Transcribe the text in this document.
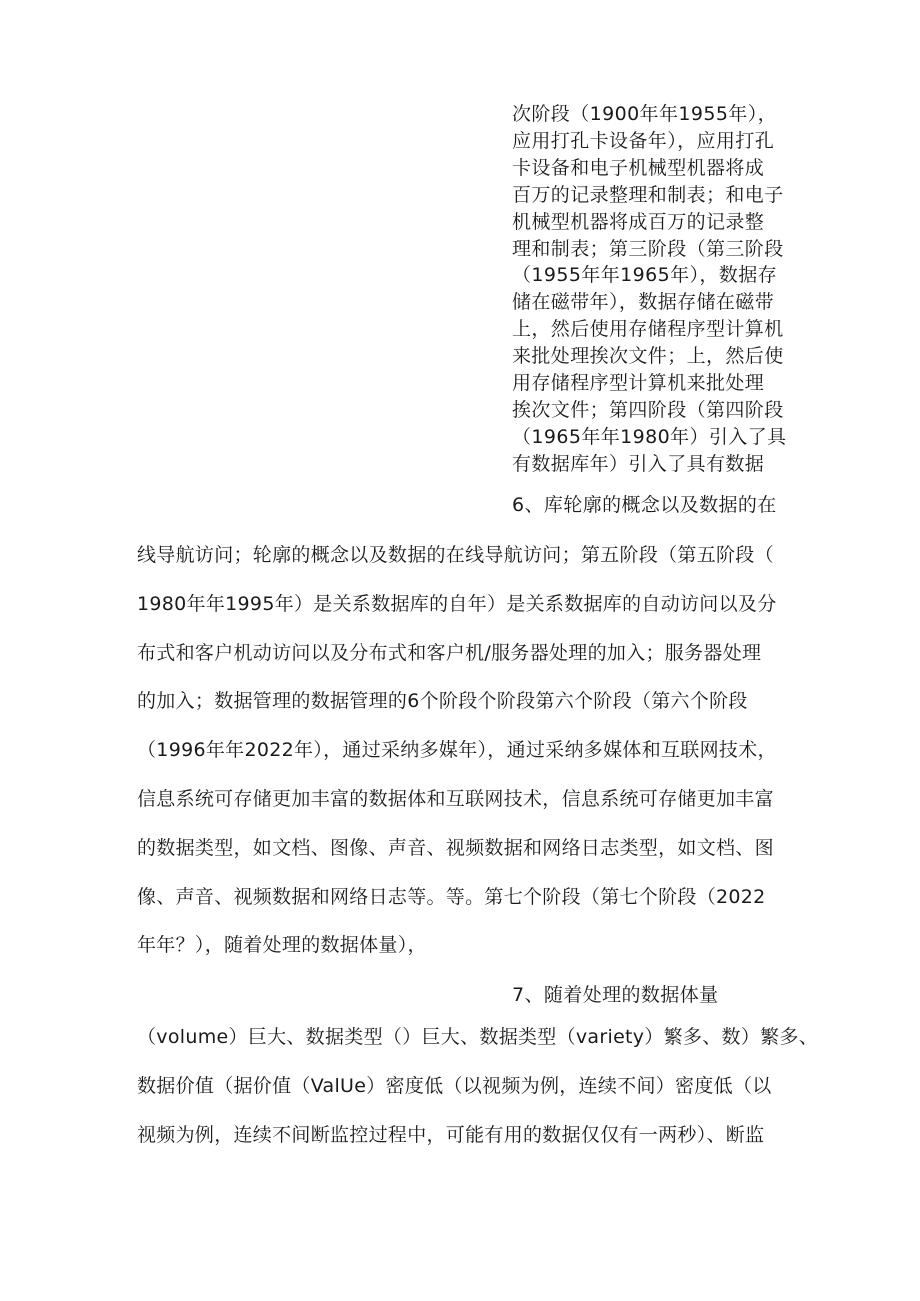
次阶段（1900年年1955年），
应用打孔卡设备年），应用打孔
卡设备和电子机械型机器将成
百万的记录整理和制表；和电子
机械型机器将成百万的记录整
理和制表；第三阶段（第三阶段
（1955年年1965年），数据存
储在磁带年），数据存储在磁带
上，然后使用存储程序型计算机
来批处理挨次文件；上，然后使
用存储程序型计算机来批处理
挨次文件；第四阶段（第四阶段
（1965年年1980年）引入了具
有数据库年）引入了具有数据
6、库轮廓的概念以及数据的在
线导航访问；轮廓的概念以及数据的在线导航访问；第五阶段（第五阶段（
1980年年1995年）是关系数据库的自年）是关系数据库的自动访问以及分
布式和客户机动访问以及分布式和客户机/服务器处理的加入；服务器处理
的加入；数据管理的数据管理的6个阶段个阶段第六个阶段（第六个阶段
（1996年年2022年），通过采纳多媒年），通过采纳多媒体和互联网技术，
信息系统可存储更加丰富的数据体和互联网技术，信息系统可存储更加丰富
的数据类型，如文档、图像、声音、视频数据和网络日志类型，如文档、图
像、声音、视频数据和网络日志等。等。第七个阶段（第七个阶段（2022
年年？），随着处理的数据体量），
7、随着处理的数据体量
（volume）巨大、数据类型（）巨大、数据类型（variety）繁多、数）繁多、
数据价值（据价值（ValUe）密度低（以视频为例，连续不间）密度低（以
视频为例，连续不间断监控过程中，可能有用的数据仅仅有一两秒）、断监
